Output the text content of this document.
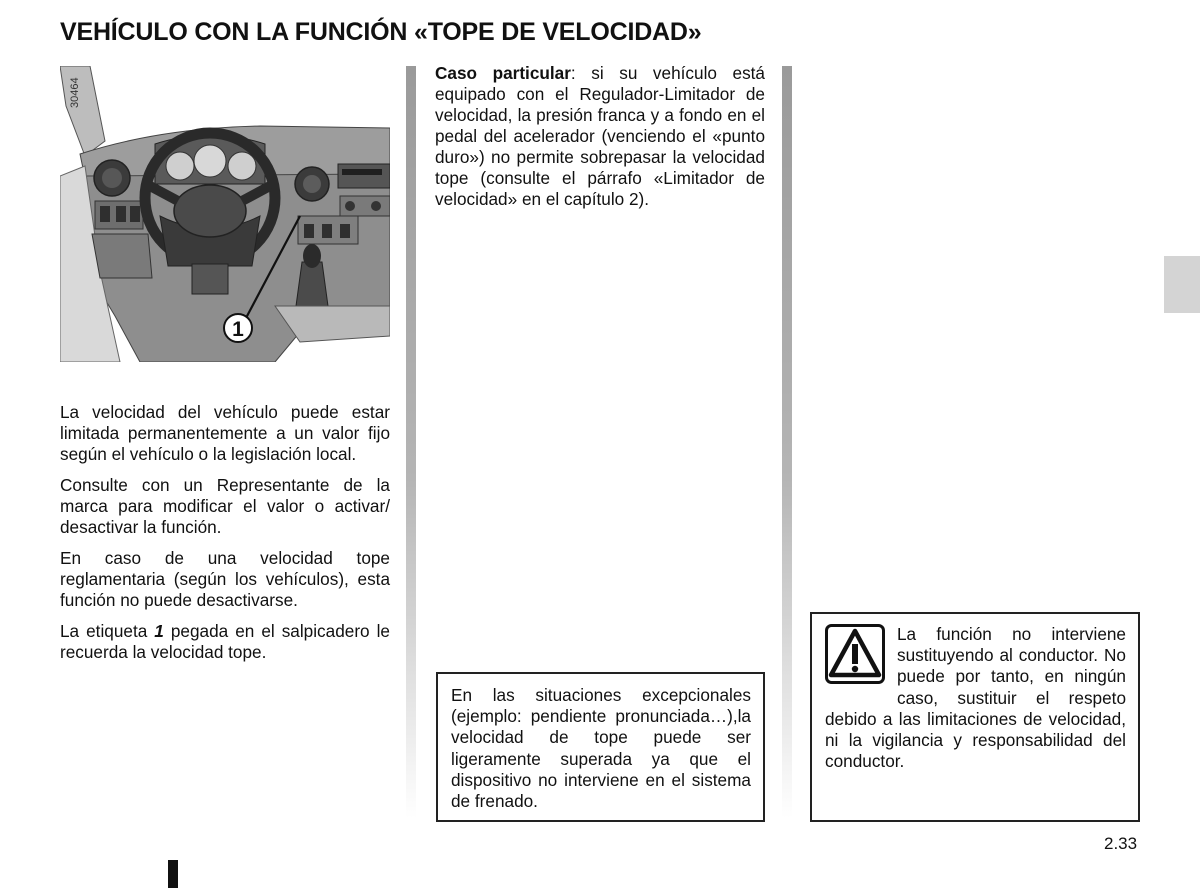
VEHÍCULO CON LA FUNCIÓN «TOPE DE VELOCIDAD»
1
30464

La velocidad del vehículo puede estar limitada permanentemente a un valor fijo según el vehículo o la legislación local.

Consulte con un Representante de la marca para modificar el valor o activar/ desactivar la función.

En caso de una velocidad tope reglamentaria (según los vehículos), esta función no puede desactivarse.

La etiqueta 1 pegada en el salpicadero le recuerda la velocidad tope.

Caso particular: si su vehículo está equipado con el Regulador-Limitador de velocidad, la presión franca y a fondo en el pedal del acelerador (venciendo el «punto duro») no permite sobrepasar la velocidad tope (consulte el párrafo «Limitador de velocidad» en el capítulo 2).

En las situaciones excepcionales (ejemplo: pendiente pronunciada…),la velocidad de tope puede ser ligeramente superada ya que el dispositivo no interviene en el sistema de frenado.
La función no interviene sustituyendo al conductor. No puede por tanto, en ningún caso, sustituir el respeto debido a las limitaciones de velocidad, ni la vigilancia y responsabilidad del conductor.
2.33
